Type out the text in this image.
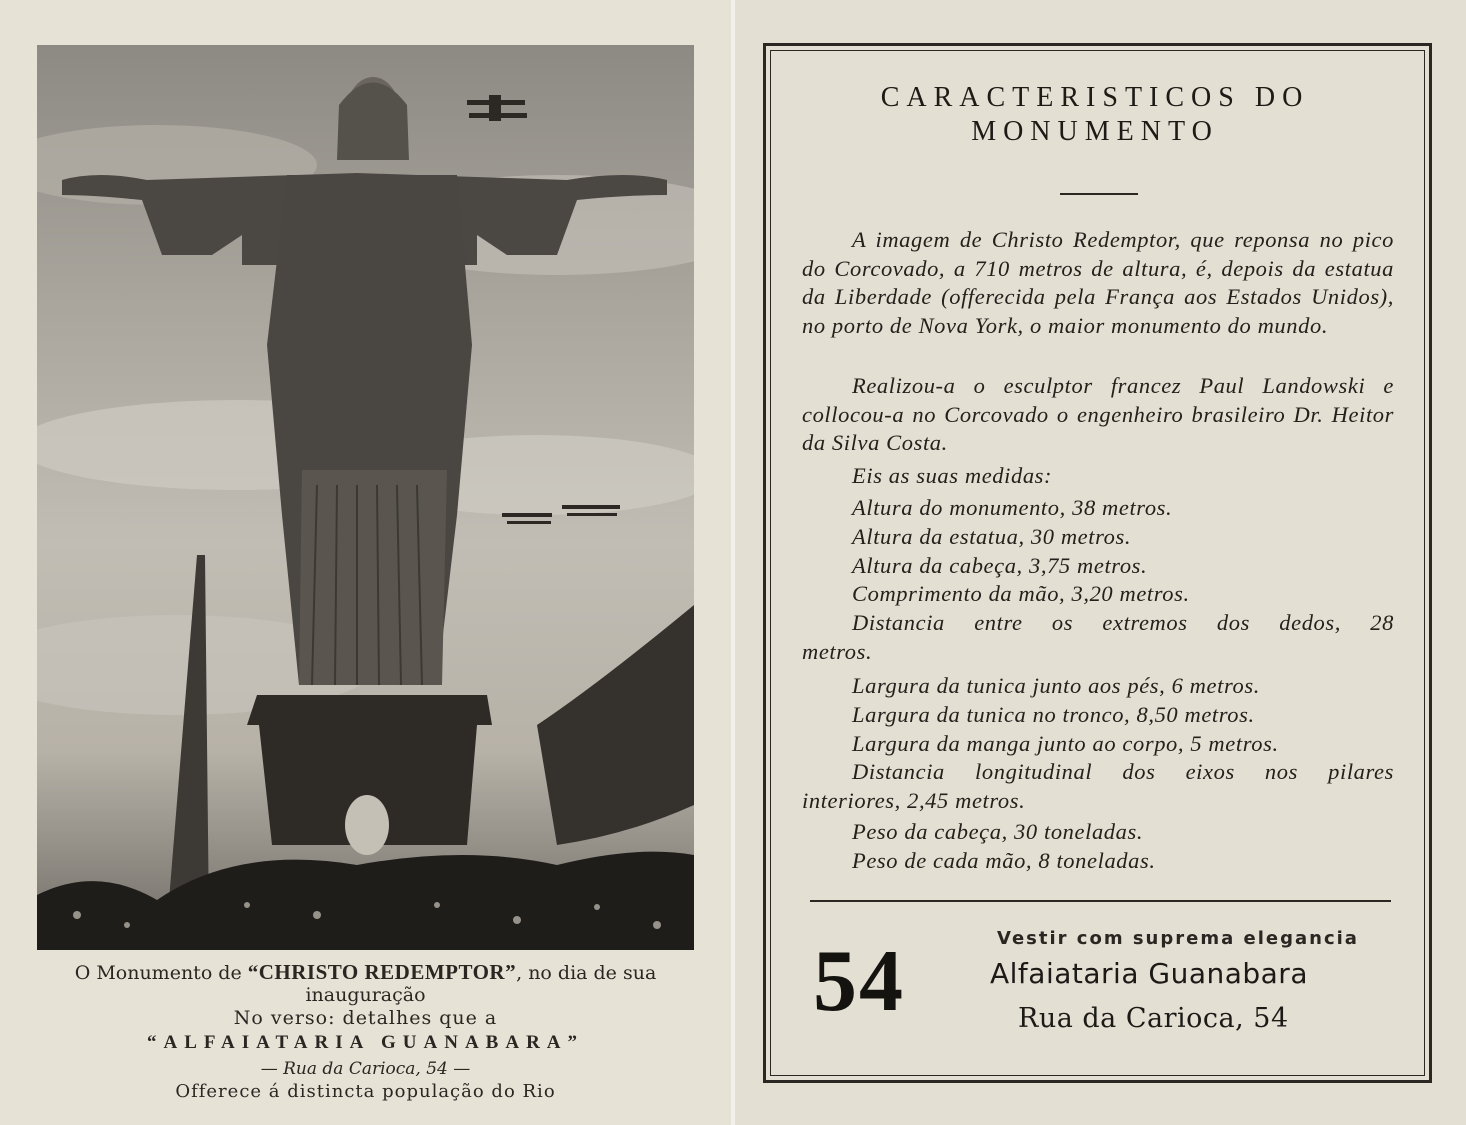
O Monumento de “CHRISTO REDEMPTOR”, no dia de sua
inauguração
No verso: detalhes que a
“ALFAIATARIA GUANABARA”
— Rua da Carioca, 54 —
Offerece á distincta população do Rio
CARACTERISTICOS DO
MONUMENTO

A imagem de Christo Redemptor, que reponsa no pico do Corcovado, a 710 metros de altura, é, depois da estatua da Liberdade (offerecida pela França aos Estados Unidos), no porto de Nova York, o maior monumento do mundo.

Realizou-a o esculptor francez Paul Landowski e collocou-a no Corcovado o engenheiro brasileiro Dr. Heitor da Silva Costa.

Eis as suas medidas:

Altura do monumento, 38 metros.
Altura da estatua, 30 metros.
Altura da cabeça, 3,75 metros.
Comprimento da mão, 3,20 metros.
Distancia entre os extremos dos dedos, 28
metros.
Largura da tunica junto aos pés, 6 metros.
Largura da tunica no tronco, 8,50 metros.
Largura da manga junto ao corpo, 5 metros.
Distancia longitudinal dos eixos nos pilares
interiores, 2,45 metros.
Peso da cabeça, 30 toneladas.
Peso de cada mão, 8 toneladas.
54	Vestir com suprema elegancia
Alfaiataria Guanabara
Rua da Carioca, 54
